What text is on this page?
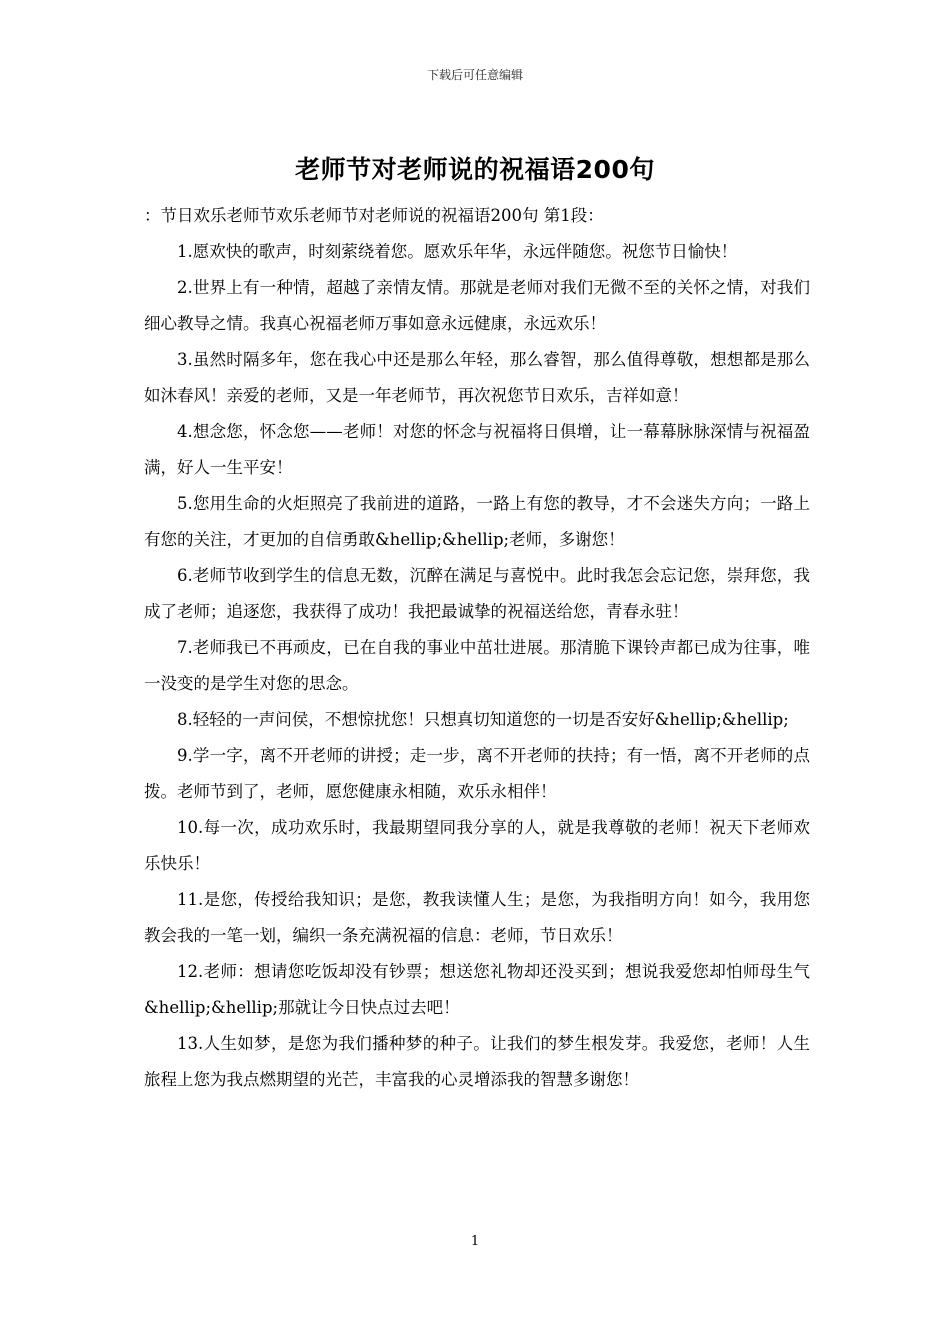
下载后可任意编辑
老师节对老师说的祝福语200句

：节日欢乐老师节欢乐老师节对老师说的祝福语200句 第1段：

1.愿欢快的歌声，时刻萦绕着您。愿欢乐年华，永远伴随您。祝您节日愉快！

2.世界上有一种情，超越了亲情友情。那就是老师对我们无微不至的关怀之情，对我们细心教导之情。我真心祝福老师万事如意永远健康，永远欢乐！

3.虽然时隔多年，您在我心中还是那么年轻，那么睿智，那么值得尊敬，想想都是那么如沐春风！亲爱的老师，又是一年老师节，再次祝您节日欢乐，吉祥如意！

4.想念您，怀念您——老师！对您的怀念与祝福将日俱增，让一幕幕脉脉深情与祝福盈满，好人一生平安！

5.您用生命的火炬照亮了我前进的道路，一路上有您的教导，才不会迷失方向；一路上有您的关注，才更加的自信勇敢&hellip;&hellip;老师，多谢您！

6.老师节收到学生的信息无数，沉醉在满足与喜悦中。此时我怎会忘记您，崇拜您，我成了老师；追逐您，我获得了成功！我把最诚挚的祝福送给您，青春永驻！

7.老师我已不再顽皮，已在自我的事业中茁壮进展。那清脆下课铃声都已成为往事，唯一没变的是学生对您的思念。

8.轻轻的一声问侯，不想惊扰您！只想真切知道您的一切是否安好&hellip;&hellip;

9.学一字，离不开老师的讲授；走一步，离不开老师的扶持；有一悟，离不开老师的点拨。老师节到了，老师，愿您健康永相随，欢乐永相伴！

10.每一次，成功欢乐时，我最期望同我分享的人，就是我尊敬的老师！祝天下老师欢乐快乐！

11.是您，传授给我知识；是您，教我读懂人生；是您，为我指明方向！如今，我用您教会我的一笔一划，编织一条充满祝福的信息：老师，节日欢乐！

12.老师：想请您吃饭却没有钞票；想送您礼物却还没买到；想说我爱您却怕师母生气&hellip;&hellip;那就让今日快点过去吧！

13.人生如梦，是您为我们播种梦的种子。让我们的梦生根发芽。我爱您，老师！人生旅程上您为我点燃期望的光芒，丰富我的心灵增添我的智慧多谢您！

1
